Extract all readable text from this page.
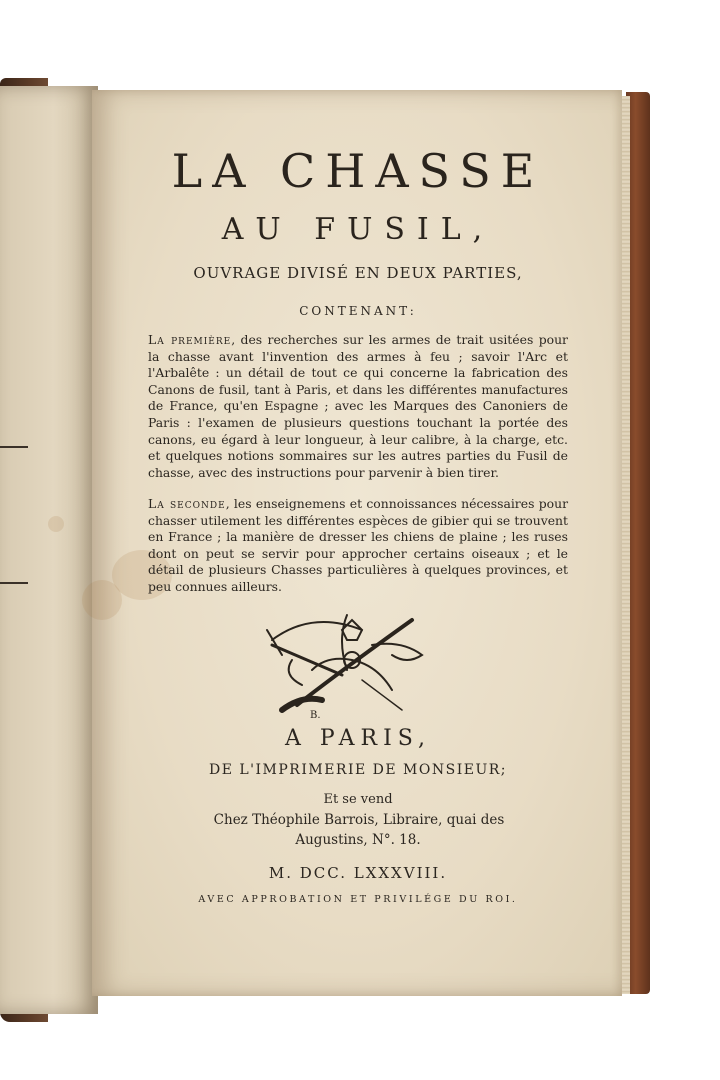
LA CHASSE

AU FUSIL,

OUVRAGE DIVISÉ EN DEUX PARTIES,

CONTENANT:

La première, des recherches sur les armes de trait usitées pour la chasse avant l'invention des armes à feu ; savoir l'Arc et l'Arbalête : un détail de tout ce qui concerne la fabrication des Canons de fusil, tant à Paris, et dans les différentes manufactures de France, qu'en Espagne ; avec les Marques des Canoniers de Paris : l'examen de plusieurs questions touchant la portée des canons, eu égard à leur longueur, à leur calibre, à la charge, etc. et quelques notions sommaires sur les autres parties du Fusil de chasse, avec des instructions pour parvenir à bien tirer.

La seconde, les enseignemens et connoissances nécessaires pour chasser utilement les différentes espèces de gibier qui se trouvent en France ; la manière de dresser les chiens de plaine ; les ruses dont on peut se servir pour approcher certains oiseaux ; et le détail de plusieurs Chasses particulières à quelques provinces, et peu connues ailleurs.

B.

A PARIS,

DE L'IMPRIMERIE DE MONSIEUR;

Et se vend

Chez Théophile Barrois, Libraire, quai des

Augustins, N°. 18.

M. DCC. LXXXVIII.

AVEC APPROBATION ET PRIVILÉGE DU ROI.
